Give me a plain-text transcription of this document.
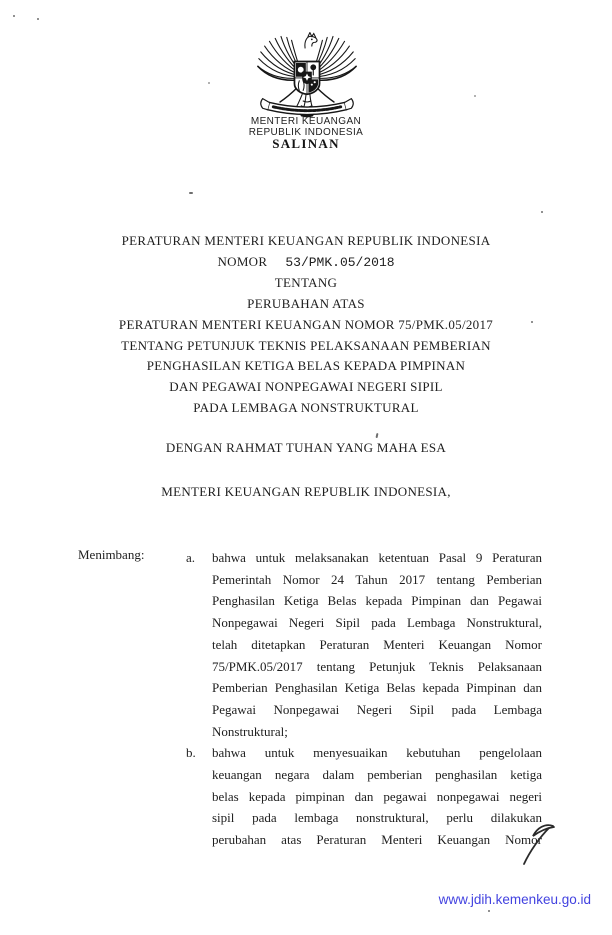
MENTERI KEUANGAN
REPUBLIK INDONESIA
SALINAN
PERATURAN MENTERI KEUANGAN REPUBLIK INDONESIA
NOMOR 53/PMK.05/2018
TENTANG
PERUBAHAN ATAS
PERATURAN MENTERI KEUANGAN NOMOR 75/PMK.05/2017
TENTANG PETUNJUK TEKNIS PELAKSANAAN PEMBERIAN
PENGHASILAN KETIGA BELAS KEPADA PIMPINAN
DAN PEGAWAI NONPEGAWAI NEGERI SIPIL
PADA LEMBAGA NONSTRUKTURAL
DENGAN RAHMAT TUHAN YANG MAHA ESA
MENTERI KEUANGAN REPUBLIK INDONESIA,
Menimbang:	a.	bahwa untuk melaksanakan ketentuan Pasal 9 Peraturan
Pemerintah Nomor 24 Tahun 2017 tentang Pemberian
Penghasilan Ketiga Belas kepada Pimpinan dan Pegawai
Nonpegawai Negeri Sipil pada Lembaga Nonstruktural,
telah ditetapkan Peraturan Menteri Keuangan Nomor
75/PMK.05/2017 tentang Petunjuk Teknis Pelaksanaan
Pemberian Penghasilan Ketiga Belas kepada Pimpinan dan
Pegawai Nonpegawai Negeri Sipil pada Lembaga
Nonstruktural;
b.	bahwa untuk menyesuaikan kebutuhan pengelolaan
keuangan negara dalam pemberian penghasilan ketiga
belas kepada pimpinan dan pegawai nonpegawai negeri
sipil pada lembaga nonstruktural, perlu dilakukan
perubahan atas Peraturan Menteri Keuangan Nomor
www.jdih.kemenkeu.go.id
